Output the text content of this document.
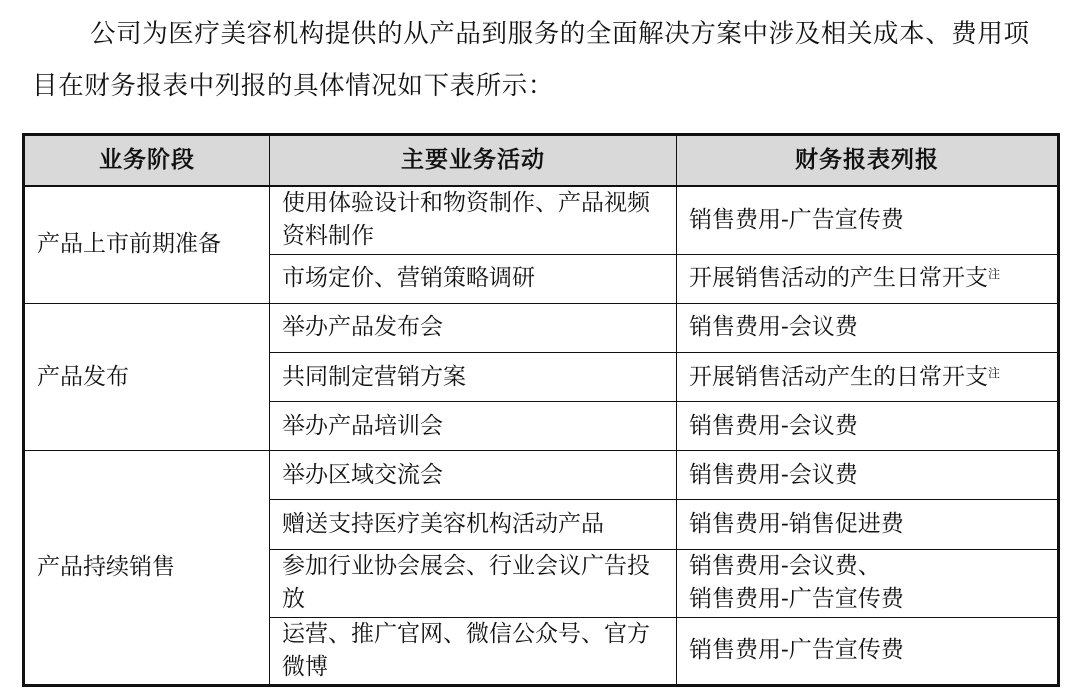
公司为医疗美容机构提供的从产品到服务的全面解决方案中涉及相关成本、费用项目在财务报表中列报的具体情况如下表所示：

业务阶段	主要业务活动	财务报表列报
产品上市前期准备	使用体验设计和物资制作、产品视频资料制作	销售费用-广告宣传费
	市场定价、营销策略调研	开展销售活动的产生日常开支$^注$
产品发布	举办产品发布会	销售费用-会议费
	共同制定营销方案	开展销售活动产生的日常开支$^注$
	举办产品培训会	销售费用-会议费
产品持续销售	举办区域交流会	销售费用-会议费
	赠送支持医疗美容机构活动产品	销售费用-销售促进费
	参加行业协会展会、行业会议广告投放	销售费用-会议费、
销售费用-广告宣传费

	运营、推广官网、微信公众号、官方微博	销售费用-广告宣传费
